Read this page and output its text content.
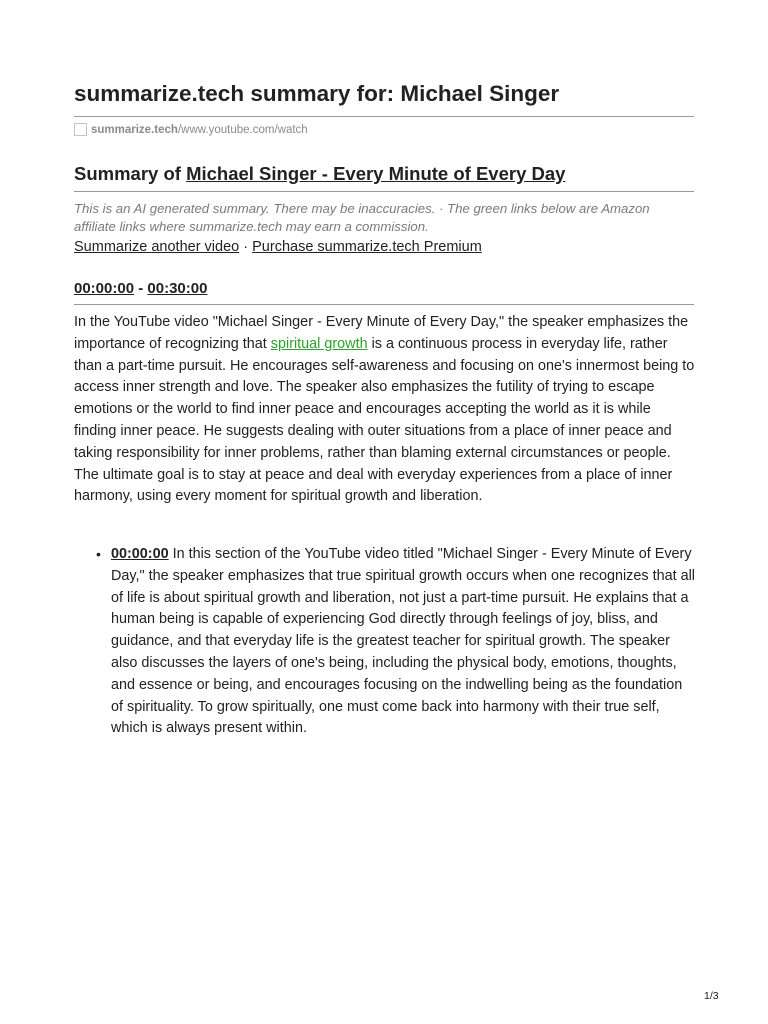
summarize.tech summary for: Michael Singer
summarize.tech /www.youtube.com/watch
Summary of Michael Singer - Every Minute of Every Day
This is an AI generated summary. There may be inaccuracies. · The green links below are Amazon affiliate links where summarize.tech may earn a commission.
Summarize another video · Purchase summarize.tech Premium
00:00:00 - 00:30:00

In the YouTube video "Michael Singer - Every Minute of Every Day," the speaker emphasizes the importance of recognizing that spiritual growth is a continuous process in everyday life, rather than a part-time pursuit. He encourages self-awareness and focusing on one's innermost being to access inner strength and love. The speaker also emphasizes the futility of trying to escape emotions or the world to find inner peace and encourages accepting the world as it is while finding inner peace. He suggests dealing with outer situations from a place of inner peace and taking responsibility for inner problems, rather than blaming external circumstances or people. The ultimate goal is to stay at peace and deal with everyday experiences from a place of inner harmony, using every moment for spiritual growth and liberation.

• 00:00:00 In this section of the YouTube video titled "Michael Singer - Every Minute of Every Day," the speaker emphasizes that true spiritual growth occurs when one recognizes that all of life is about spiritual growth and liberation, not just a part-time pursuit. He explains that a human being is capable of experiencing God directly through feelings of joy, bliss, and guidance, and that everyday life is the greatest teacher for spiritual growth. The speaker also discusses the layers of one's being, including the physical body, emotions, thoughts, and essence or being, and encourages focusing on the indwelling being as the foundation of spirituality. To grow spiritually, one must come back into harmony with their true self, which is always present within.
1/3
